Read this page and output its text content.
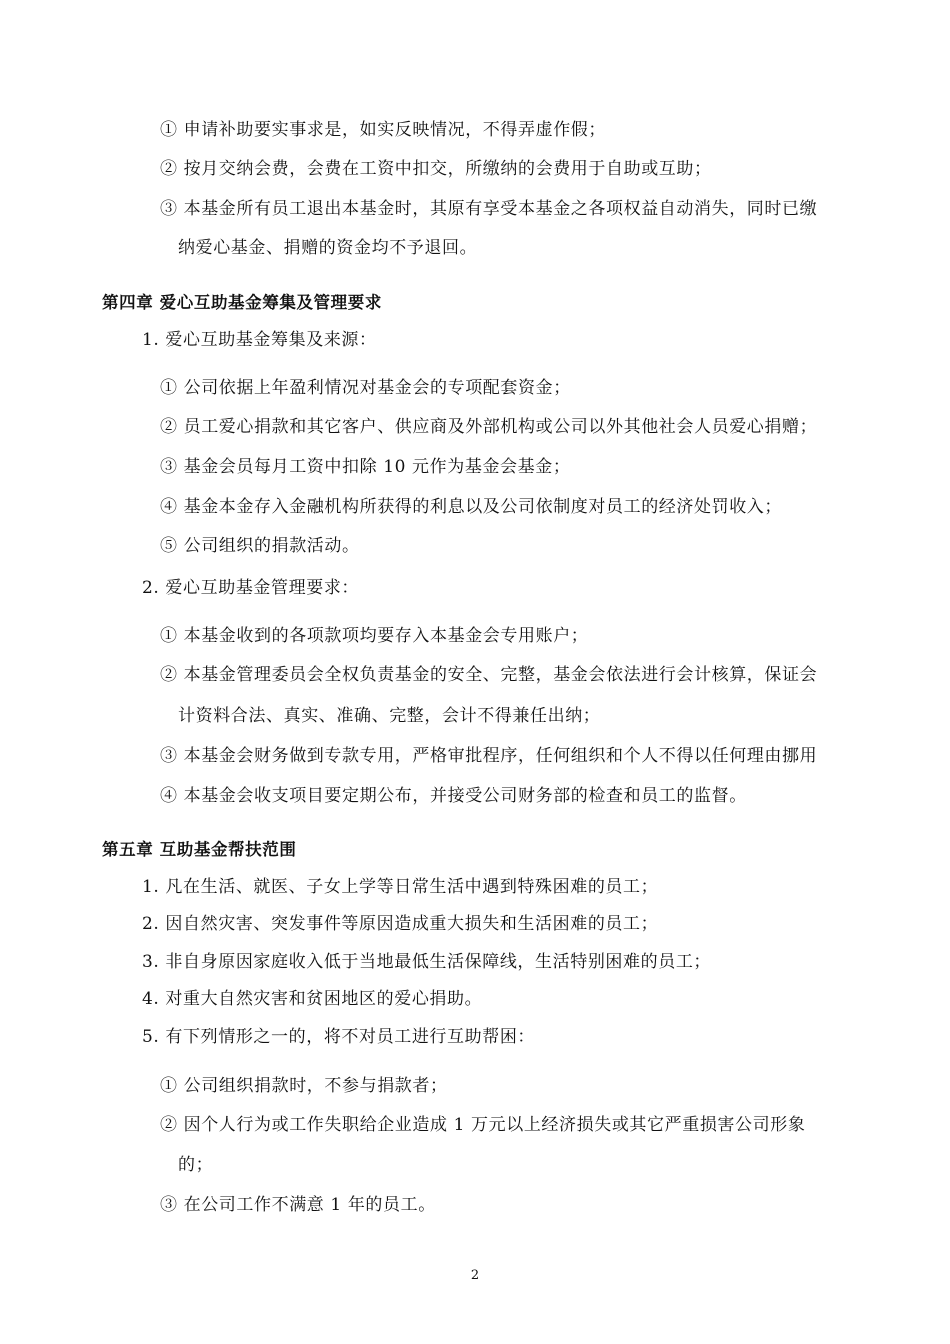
① 申请补助要实事求是，如实反映情况，不得弄虚作假；
② 按月交纳会费，会费在工资中扣交，所缴纳的会费用于自助或互助；
③ 本基金所有员工退出本基金时，其原有享受本基金之各项权益自动消失，同时已缴
纳爱心基金、捐赠的资金均不予退回。
第四章 爱心互助基金筹集及管理要求
1. 爱心互助基金筹集及来源：
① 公司依据上年盈利情况对基金会的专项配套资金；
② 员工爱心捐款和其它客户、供应商及外部机构或公司以外其他社会人员爱心捐赠；
③ 基金会员每月工资中扣除 10 元作为基金会基金；
④ 基金本金存入金融机构所获得的利息以及公司依制度对员工的经济处罚收入；
⑤ 公司组织的捐款活动。
2. 爱心互助基金管理要求：
① 本基金收到的各项款项均要存入本基金会专用账户；
② 本基金管理委员会全权负责基金的安全、完整，基金会依法进行会计核算，保证会
计资料合法、真实、准确、完整，会计不得兼任出纳；
③ 本基金会财务做到专款专用，严格审批程序，任何组织和个人不得以任何理由挪用
④ 本基金会收支项目要定期公布，并接受公司财务部的检查和员工的监督。
第五章 互助基金帮扶范围
1. 凡在生活、就医、子女上学等日常生活中遇到特殊困难的员工；
2. 因自然灾害、突发事件等原因造成重大损失和生活困难的员工；
3. 非自身原因家庭收入低于当地最低生活保障线，生活特别困难的员工；
4. 对重大自然灾害和贫困地区的爱心捐助。
5. 有下列情形之一的，将不对员工进行互助帮困：
① 公司组织捐款时，不参与捐款者；
② 因个人行为或工作失职给企业造成 1 万元以上经济损失或其它严重损害公司形象
的；
③ 在公司工作不满意 1 年的员工。
2
